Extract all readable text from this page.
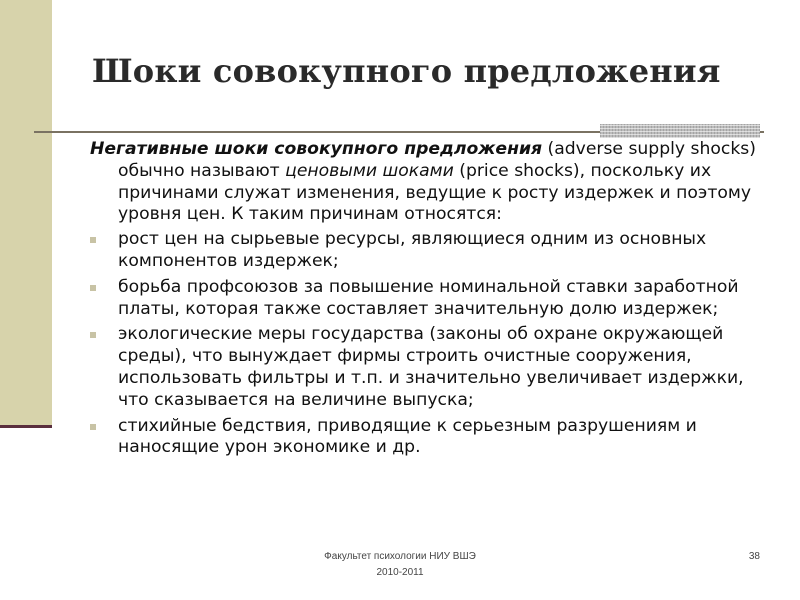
Шоки совокупного предложения

Негативные шоки совокупного предложения (adverse supply shocks) обычно называют ценовыми шоками (price shocks), поскольку их причинами служат изменения, ведущие к росту издержек и поэтому уровня цен. К таким причинам относятся:

рост цен на сырьевые ресурсы, являющиеся одним из основных компонентов издержек;
борьба профсоюзов за повышение номинальной ставки заработной платы, которая также составляет значительную долю издержек;
экологические меры государства (законы об охране окружающей среды), что вынуждает фирмы строить очистные сооружения, использовать фильтры и т.п. и значительно увеличивает издержки, что сказывается на величине выпуска;
стихийные бедствия, приводящие к серьезным разрушениям и наносящие урон экономике и др.
Факультет психологии НИУ ВШЭ
2010-2011
38
